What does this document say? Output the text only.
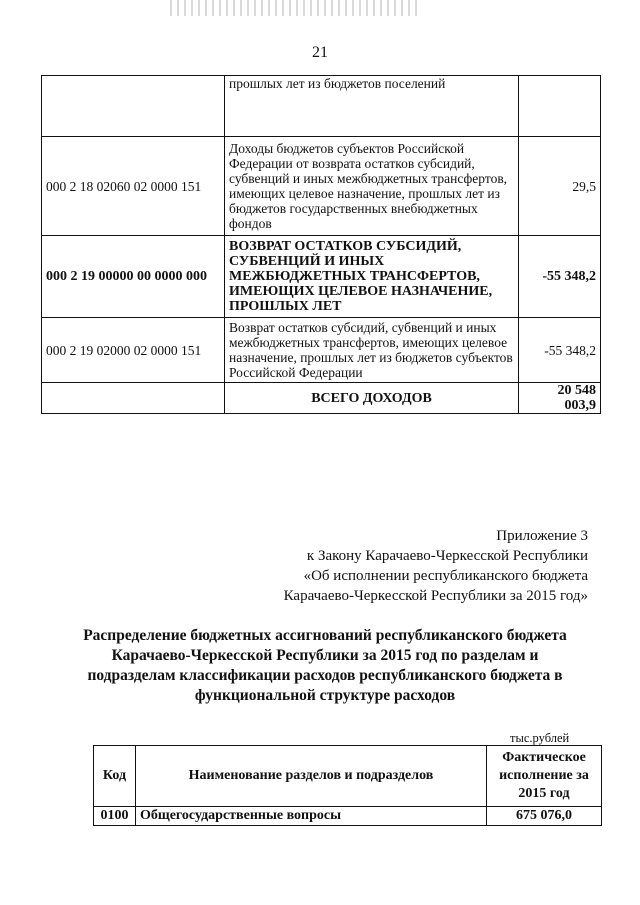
21
	прошлых лет из бюджетов поселений	
000 2 18 02060 02 0000 151	Доходы бюджетов субъектов Российской Федерации от возврата остатков субсидий, субвенций и иных межбюджетных трансфертов, имеющих целевое назначение, прошлых лет из бюджетов государственных внебюджетных фондов	29,5
000 2 19 00000 00 0000 000	ВОЗВРАТ ОСТАТКОВ СУБСИДИЙ, СУБВЕНЦИЙ И ИНЫХ МЕЖБЮДЖЕТНЫХ ТРАНСФЕРТОВ, ИМЕЮЩИХ ЦЕЛЕВОЕ НАЗНАЧЕНИЕ, ПРОШЛЫХ ЛЕТ	-55 348,2
000 2 19 02000 02 0000 151	Возврат остатков субсидий, субвенций и иных межбюджетных трансфертов, имеющих целевое назначение, прошлых лет из бюджетов субъектов Российской Федерации	-55 348,2
	ВСЕГО ДОХОДОВ	20 548 003,9
Приложение 3
к Закону Карачаево-Черкесской Республики
«Об исполнении республиканского бюджета
Карачаево-Черкесской Республики за 2015 год»
Распределение бюджетных ассигнований республиканского бюджета
Карачаево-Черкесской Республики за 2015 год по разделам и
подразделам классификации расходов республиканского бюджета в
функциональной структуре расходов
тыс.рублей
Код	Наименование разделов и подразделов	Фактическое исполнение за 2015 год
0100	Общегосударственные вопросы	675 076,0
